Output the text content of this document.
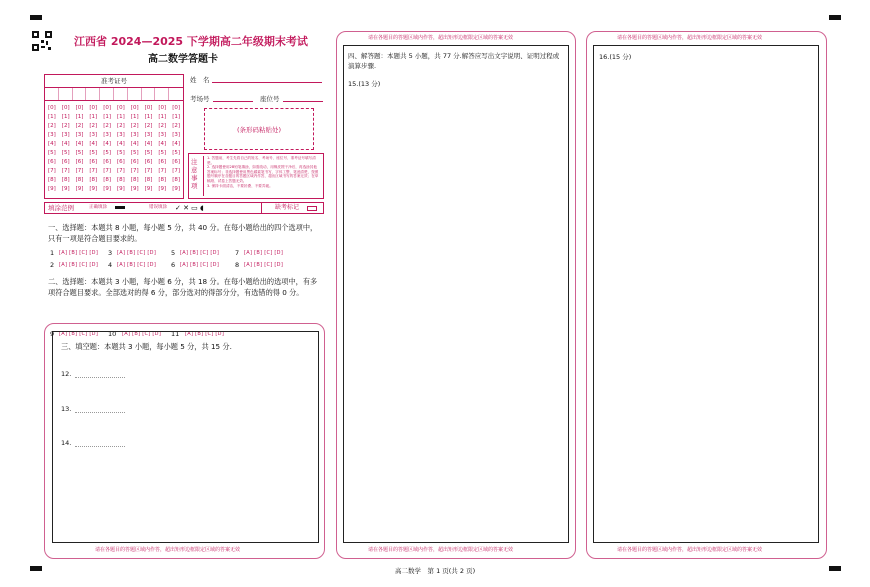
江西省 2024—2025 下学期高二年级期末考试
高二数学答题卡
准考证号
[0]	[0]	[0]	[0]	[0]	[0]	[0]	[0]	[0]	[0]
[1]	[1]	[1]	[1]	[1]	[1]	[1]	[1]	[1]	[1]
[2]	[2]	[2]	[2]	[2]	[2]	[2]	[2]	[2]	[2]
[3]	[3]	[3]	[3]	[3]	[3]	[3]	[3]	[3]	[3]
[4]	[4]	[4]	[4]	[4]	[4]	[4]	[4]	[4]	[4]
[5]	[5]	[5]	[5]	[5]	[5]	[5]	[5]	[5]	[5]
[6]	[6]	[6]	[6]	[6]	[6]	[6]	[6]	[6]	[6]
[7]	[7]	[7]	[7]	[7]	[7]	[7]	[7]	[7]	[7]
[8]	[8]	[8]	[8]	[8]	[8]	[8]	[8]	[8]	[8]
[9]	[9]	[9]	[9]	[9]	[9]	[9]	[9]	[9]	[9]
姓　名
考场号	座位号
(条形码粘贴处)
注意事项
1. 答题前，考生先将自己的姓名、考场号、座位号、准考证号填写清楚。
2. 选择题使用2B铅笔填涂，如需改动，用橡皮擦干净后，再选涂其他答案标号；非选择题使用黑色碳素笔书写，字体工整、笔迹清楚，按照题号顺序在各题目的答题区域内作答，超出区域书写的答案无效；在草稿纸、试卷上答题无效。
3. 保持卡面清洁，不要折叠、不要弄破。
填涂范例	正确填涂	错误填涂 ✓ ✕ ▭ ◖	缺考标记
一、选择题：本题共 8 小题，每小题 5 分，共 40 分。在每小题给出的四个选项中，只有一项是符合题目要求的。
1 [A] [B] [C] [D] 3 [A] [B] [C] [D] 5 [A] [B] [C] [D] 7 [A] [B] [C] [D]
2 [A] [B] [C] [D] 4 [A] [B] [C] [D] 6 [A] [B] [C] [D] 8 [A] [B] [C] [D]
二、选择题：本题共 3 小题，每小题 6 分，共 18 分。在每小题给出的选项中，有多项符合题目要求。全部选对的得 6 分，部分选对的得部分分，有选错的得 0 分。
9 [A] [B] [C] [D] 10 [A] [B] [C] [D] 11 [A] [B] [C] [D]
三、填空题：本题共 3 小题，每小题 5 分，共 15 分.
12.
13.
14.
请在各题目的答题区域内作答，超出矩形边框限定区域的答案无效
请在各题目的答题区域内作答，超出矩形边框限定区域的答案无效
四、解答题：本题共 5 小题，共 77 分.解答应写出文字说明、证明过程或演算步骤.
15.(13 分)
请在各题目的答题区域内作答，超出矩形边框限定区域的答案无效
请在各题目的答题区域内作答，超出矩形边框限定区域的答案无效
16.(15 分)
请在各题目的答题区域内作答，超出矩形边框限定区域的答案无效
高二数学　第 1 页(共 2 页)
